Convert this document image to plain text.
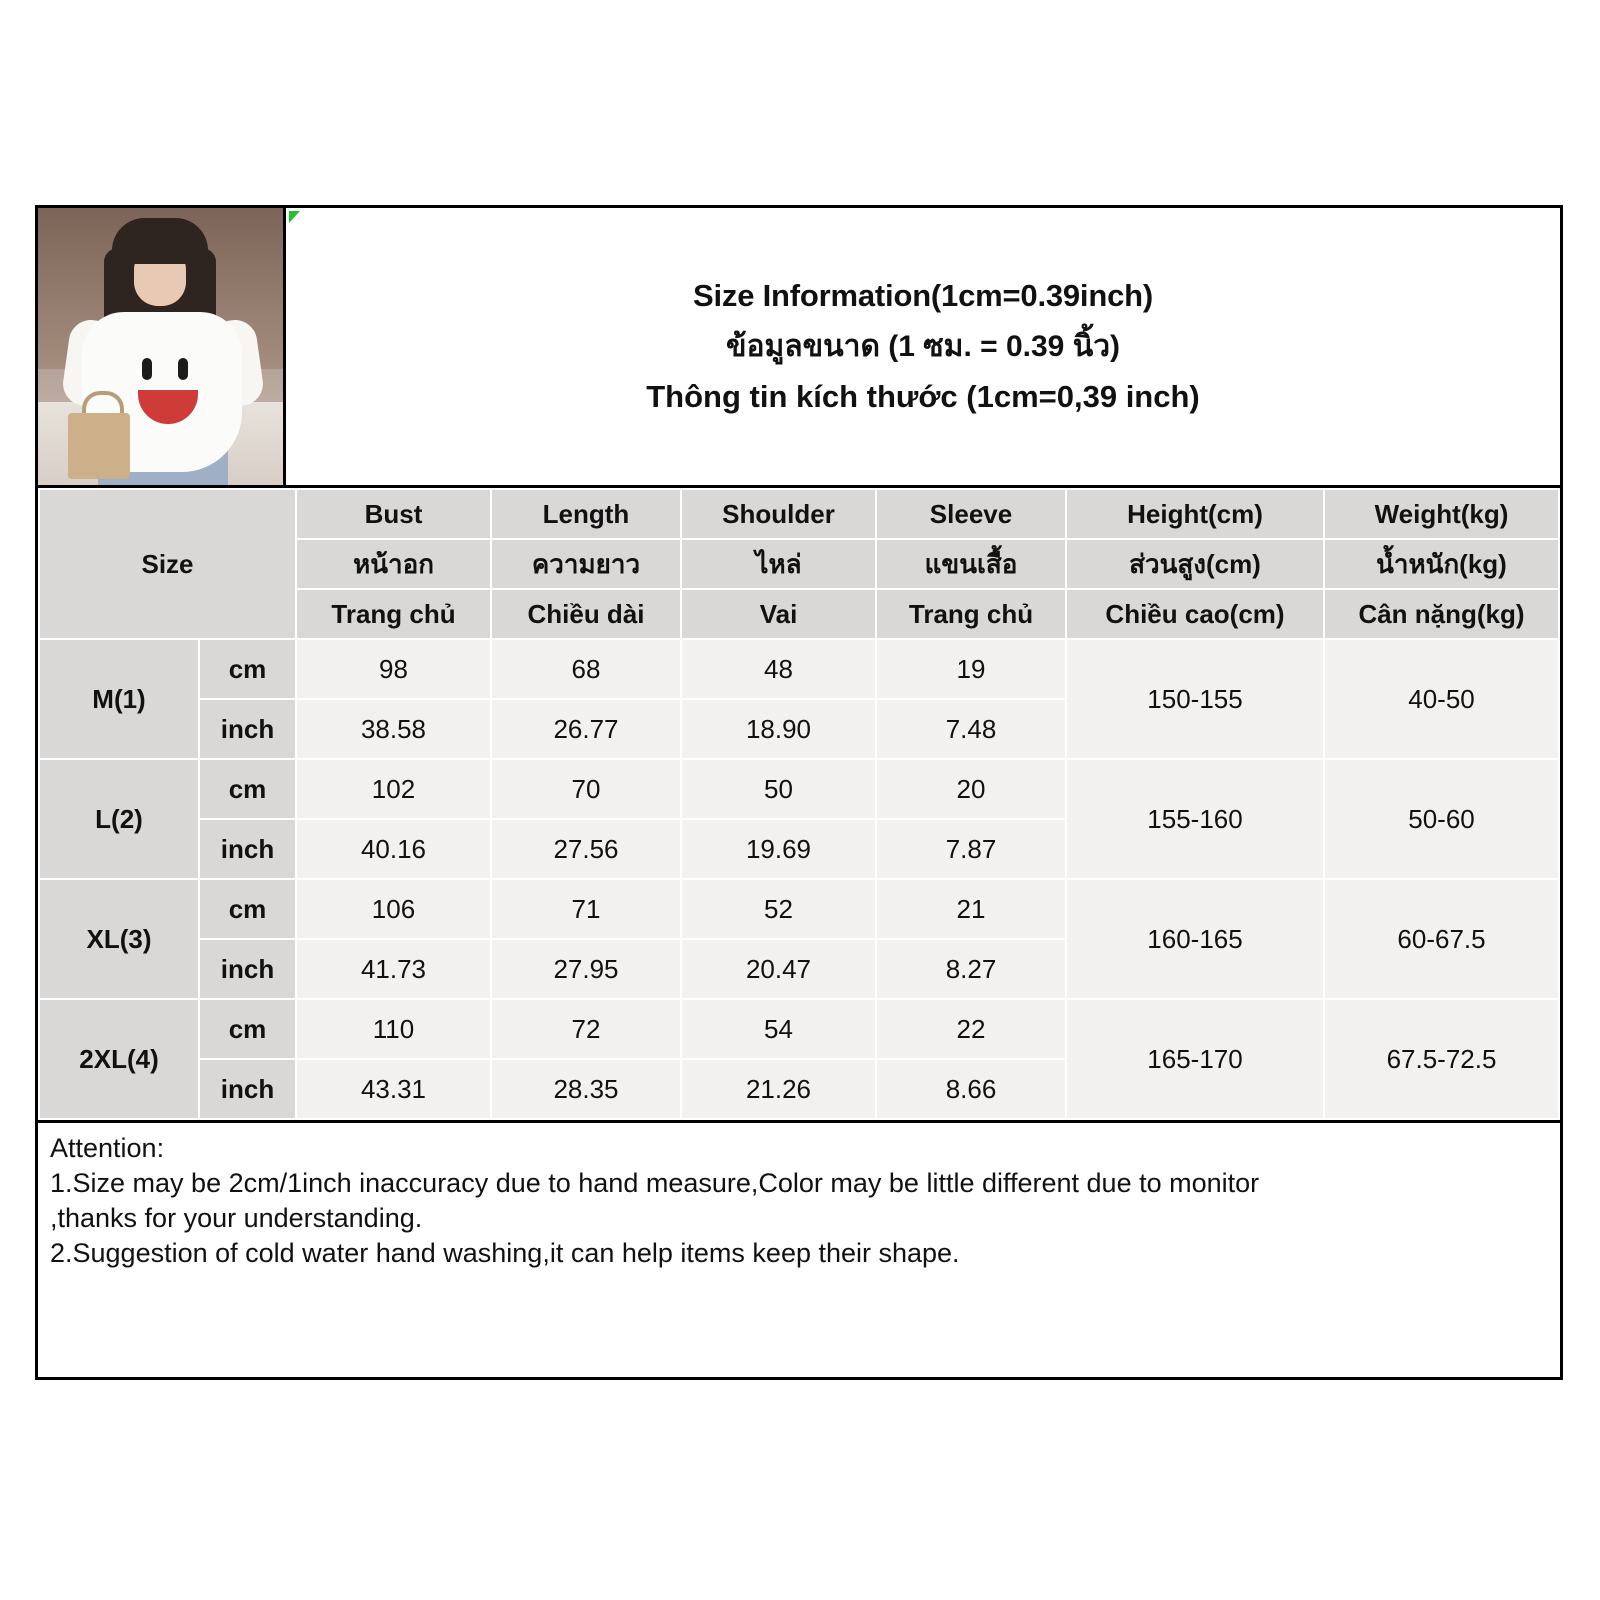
Size Information(1cm=0.39inch)
ข้อมูลขนาด (1 ซม. = 0.39 นิ้ว)
Thông tin kích thước (1cm=0,39 inch)
Size		Bust	Length	Shoulder	Sleeve	Height(cm)	Weight(kg)
		หน้าอก	ความยาว	ไหล่	แขนเสื้อ	ส่วนสูง(cm)	น้ำหนัก(kg)
		Trang chủ	Chiều dài	Vai	Trang chủ	Chiều cao(cm)	Cân nặng(kg)
M(1)	cm	98	68	48	19	150-155	40-50
	inch	38.58	26.77	18.90	7.48		
L(2)	cm	102	70	50	20	155-160	50-60
	inch	40.16	27.56	19.69	7.87		
XL(3)	cm	106	71	52	21	160-165	60-67.5
	inch	41.73	27.95	20.47	8.27		
2XL(4)	cm	110	72	54	22	165-170	67.5-72.5
	inch	43.31	28.35	21.26	8.66		

Attention:

1.Size may be 2cm/1inch inaccuracy due to hand measure,Color may be little different due to monitor

,thanks for your understanding.

2.Suggestion of cold water hand washing,it can help items keep their shape.
